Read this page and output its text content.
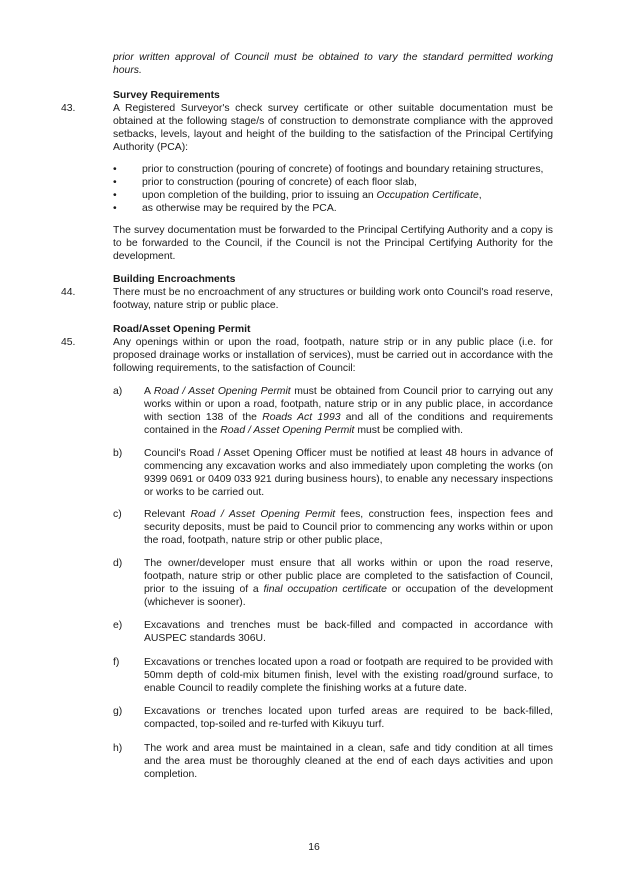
prior written approval of Council must be obtained to vary the standard permitted working hours.

Survey Requirements

43.	A Registered Surveyor's check survey certificate or other suitable documentation must be obtained at the following stage/s of construction to demonstrate compliance with the approved setbacks, levels, layout and height of the building to the satisfaction of the Principal Certifying Authority (PCA):

• prior to construction (pouring of concrete) of footings and boundary retaining structures,
• prior to construction (pouring of concrete) of each floor slab,
• upon completion of the building, prior to issuing an Occupation Certificate,
• as otherwise may be required by the PCA.

The survey documentation must be forwarded to the Principal Certifying Authority and a copy is to be forwarded to the Council, if the Council is not the Principal Certifying Authority for the development.

Building Encroachments

44.	There must be no encroachment of any structures or building work onto Council's road reserve, footway, nature strip or public place.

Road/Asset Opening Permit

45.	Any openings within or upon the road, footpath, nature strip or in any public place (i.e. for proposed drainage works or installation of services), must be carried out in accordance with the following requirements, to the satisfaction of Council:

a) A Road / Asset Opening Permit must be obtained from Council prior to carrying out any works within or upon a road, footpath, nature strip or in any public place, in accordance with section 138 of the Roads Act 1993 and all of the conditions and requirements contained in the Road / Asset Opening Permit must be complied with.

b) Council's Road / Asset Opening Officer must be notified at least 48 hours in advance of commencing any excavation works and also immediately upon completing the works (on 9399 0691 or 0409 033 921 during business hours), to enable any necessary inspections or works to be carried out.

c) Relevant Road / Asset Opening Permit fees, construction fees, inspection fees and security deposits, must be paid to Council prior to commencing any works within or upon the road, footpath, nature strip or other public place,

d) The owner/developer must ensure that all works within or upon the road reserve, footpath, nature strip or other public place are completed to the satisfaction of Council, prior to the issuing of a final occupation certificate or occupation of the development (whichever is sooner).

e) Excavations and trenches must be back-filled and compacted in accordance with AUSPEC standards 306U.

f) Excavations or trenches located upon a road or footpath are required to be provided with 50mm depth of cold-mix bitumen finish, level with the existing road/ground surface, to enable Council to readily complete the finishing works at a future date.

g) Excavations or trenches located upon turfed areas are required to be back-filled, compacted, top-soiled and re-turfed with Kikuyu turf.

h) The work and area must be maintained in a clean, safe and tidy condition at all times and the area must be thoroughly cleaned at the end of each days activities and upon completion.

16
